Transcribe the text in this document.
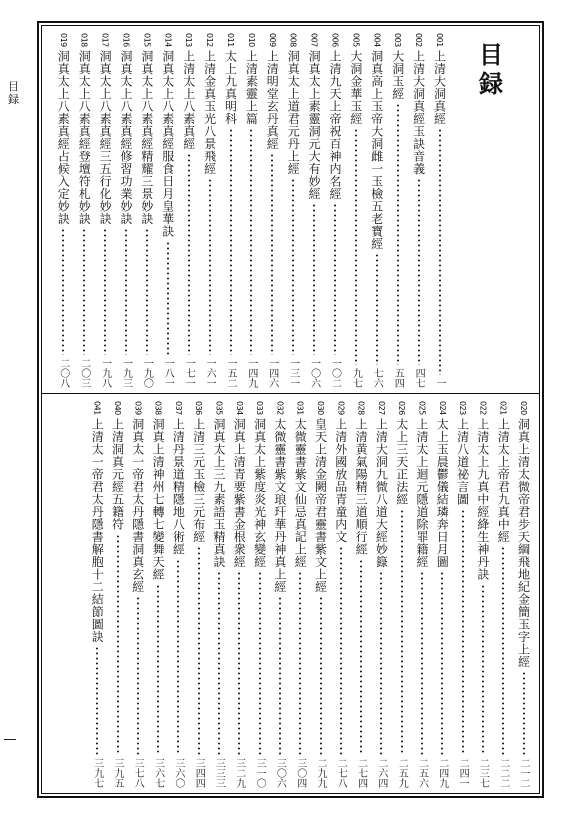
目
録
目
録
001
上清大洞真經
一
002
上清大洞真經玉訣音義
四七
003
大洞玉經
五四
004
洞真高上玉帝大洞雌一玉檢五老寶經
七六
005
大洞金華玉經
九七
006
上清九天上帝祝百神内名經
一〇二
007
洞真太上素靈洞元大有妙經
一〇六
008
洞真太上道君元丹上經
一三一
009
上清明堂玄丹真經
一四六
010
上清素靈上篇
一四九
011
太上九真明科
一五二
012
上清金真玉光八景飛經
一六一
013
上清太上八素真經
一七一
014
洞真太上八素真經服食日月皇華訣
一八一
015
洞真太上八素真經精耀三景妙訣
一九〇
016
洞真太上八素真經修習功業妙訣
一九三
017
洞真太上八素真經三五行化妙訣
一九八
018
洞真太上八素真經登壇符札妙訣
二〇三
019
洞真太上八素真經占候入定妙訣
二〇八
020
洞真上清太微帝君步天綱飛地紀金簡玉字上經
二一二
021
上清太上帝君九真中經
二二二
022
上清太上九真中經絳生神丹訣
二三七
023
上清八道祕言圖
二四一
024
太上玉晨鬱儀結璘奔日月圖
二四九
025
上清太上迴元隱道除罪籍經
二五六
026
太上三天正法經
二五九
027
上清大洞九微八道大經妙籙
二六四
028
上清黄氣陽精三道順行經
二七四
029
上清外國放品青童内文
二七八
030
皇天上清金闕帝君靈書紫文上經
二九九
031
太微靈書紫文仙忌真記上經
三〇四
032
太微靈書紫文琅玕華丹神真上經
三〇六
033
洞真太上紫度炎光神玄變經
三一〇
034
洞真上清青要紫書金根衆經
三二九
035
洞真太上三九素語玉精真訣
三三三
036
上清三元玉檢三元布經
三四四
037
上清丹景道精隱地八術經
三六〇
038
洞真上清神州七轉七變舞天經
三六七
039
洞真太一帝君太丹隱書洞真玄經
三七八
040
上清洞真元經五籍符
三九五
041
上清太一帝君太丹隱書解胞十二結節圖訣
三九七
